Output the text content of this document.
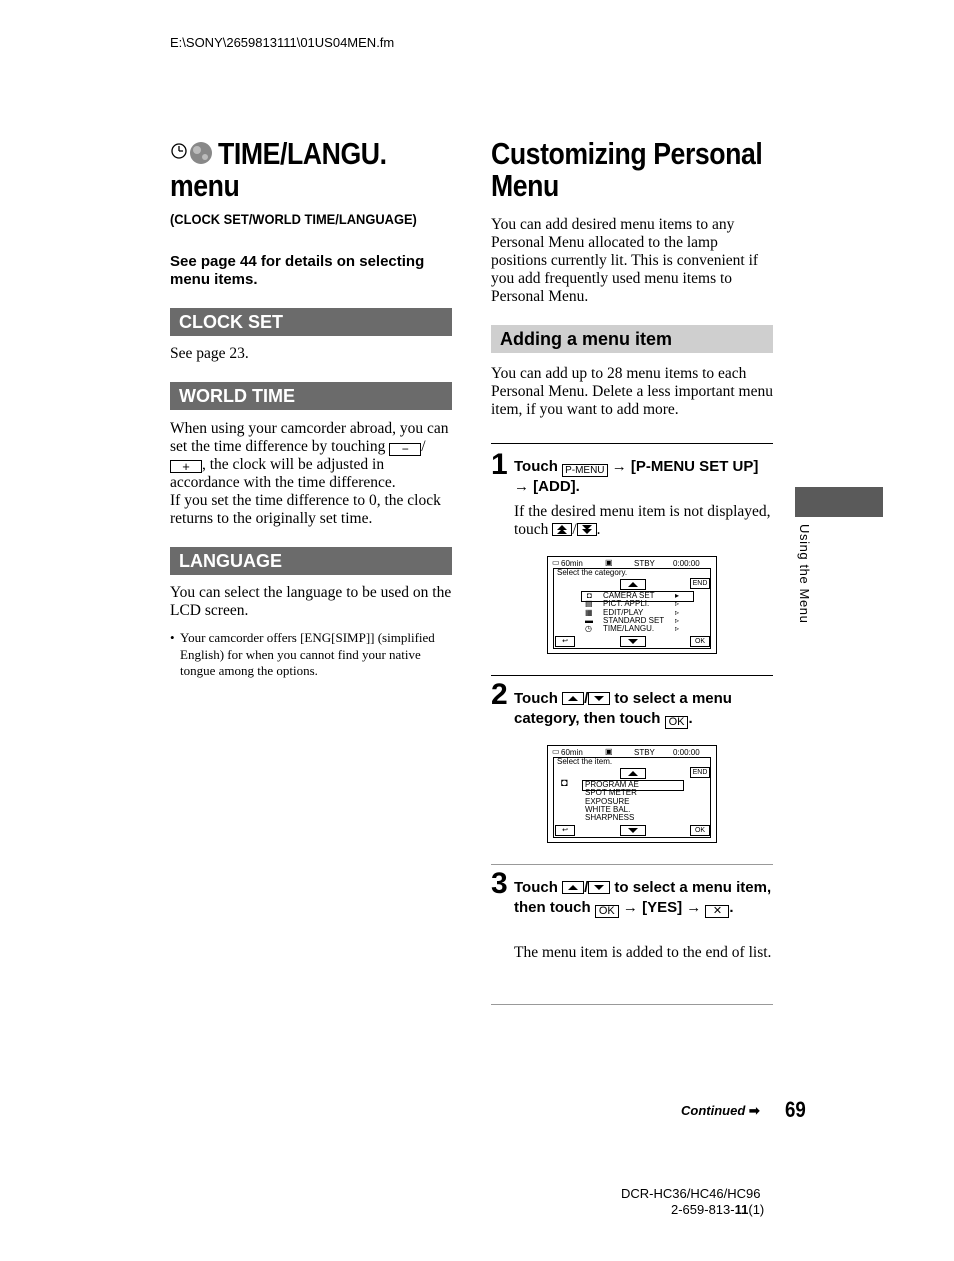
E:\SONY\2659813111\01US04MEN.fm
TIME/LANGU.
menu
(CLOCK SET/WORLD TIME/LANGUAGE)
See page 44 for details on selecting menu items.
CLOCK SET
See page 23.
WORLD TIME
When using your camcorder abroad, you can set the time difference by touching − /+ , the clock will be adjusted in accordance with the time difference.
If you set the time difference to 0, the clock returns to the originally set time.
LANGUAGE
You can select the language to be used on the LCD screen.
• Your camcorder offers [ENG[SIMP]] (simplified English) for when you cannot find your native tongue among the options.
Customizing Personal
Menu
You can add desired menu items to any Personal Menu allocated to the lamp positions currently lit. This is convenient if you add frequently used menu items to Personal Menu.
Adding a menu item
You can add up to 28 menu items to each Personal Menu. Delete a less important menu item, if you want to add more.
1 Touch P-MENU → [P-MENU SET UP] → [ADD].
If the desired menu item is not displayed, touch / .
▭ 60min	▣	STBY 0:00:00
Select the category.
END
◘ CAMERA SET
▤ PICT. APPLI.
▦ EDIT/PLAY
▬ STANDARD SET
◷ TIME/LANGU.
▸
▹
▹
▹
▹
↩	OK
2 Touch / to select a menu category, then touch OK .
▭ 60min	▣	STBY 0:00:00
Select the item.
END
◘ PROGRAM AE
SPOT METER
EXPOSURE
WHITE BAL.
SHARPNESS
↩	OK
3 Touch / to select a menu item, then touch OK → [YES] → ✕ .
The menu item is added to the end of list.
Using the Menu
Continued ➡ 69
DCR-HC36/HC46/HC96
2-659-813-11(1)
